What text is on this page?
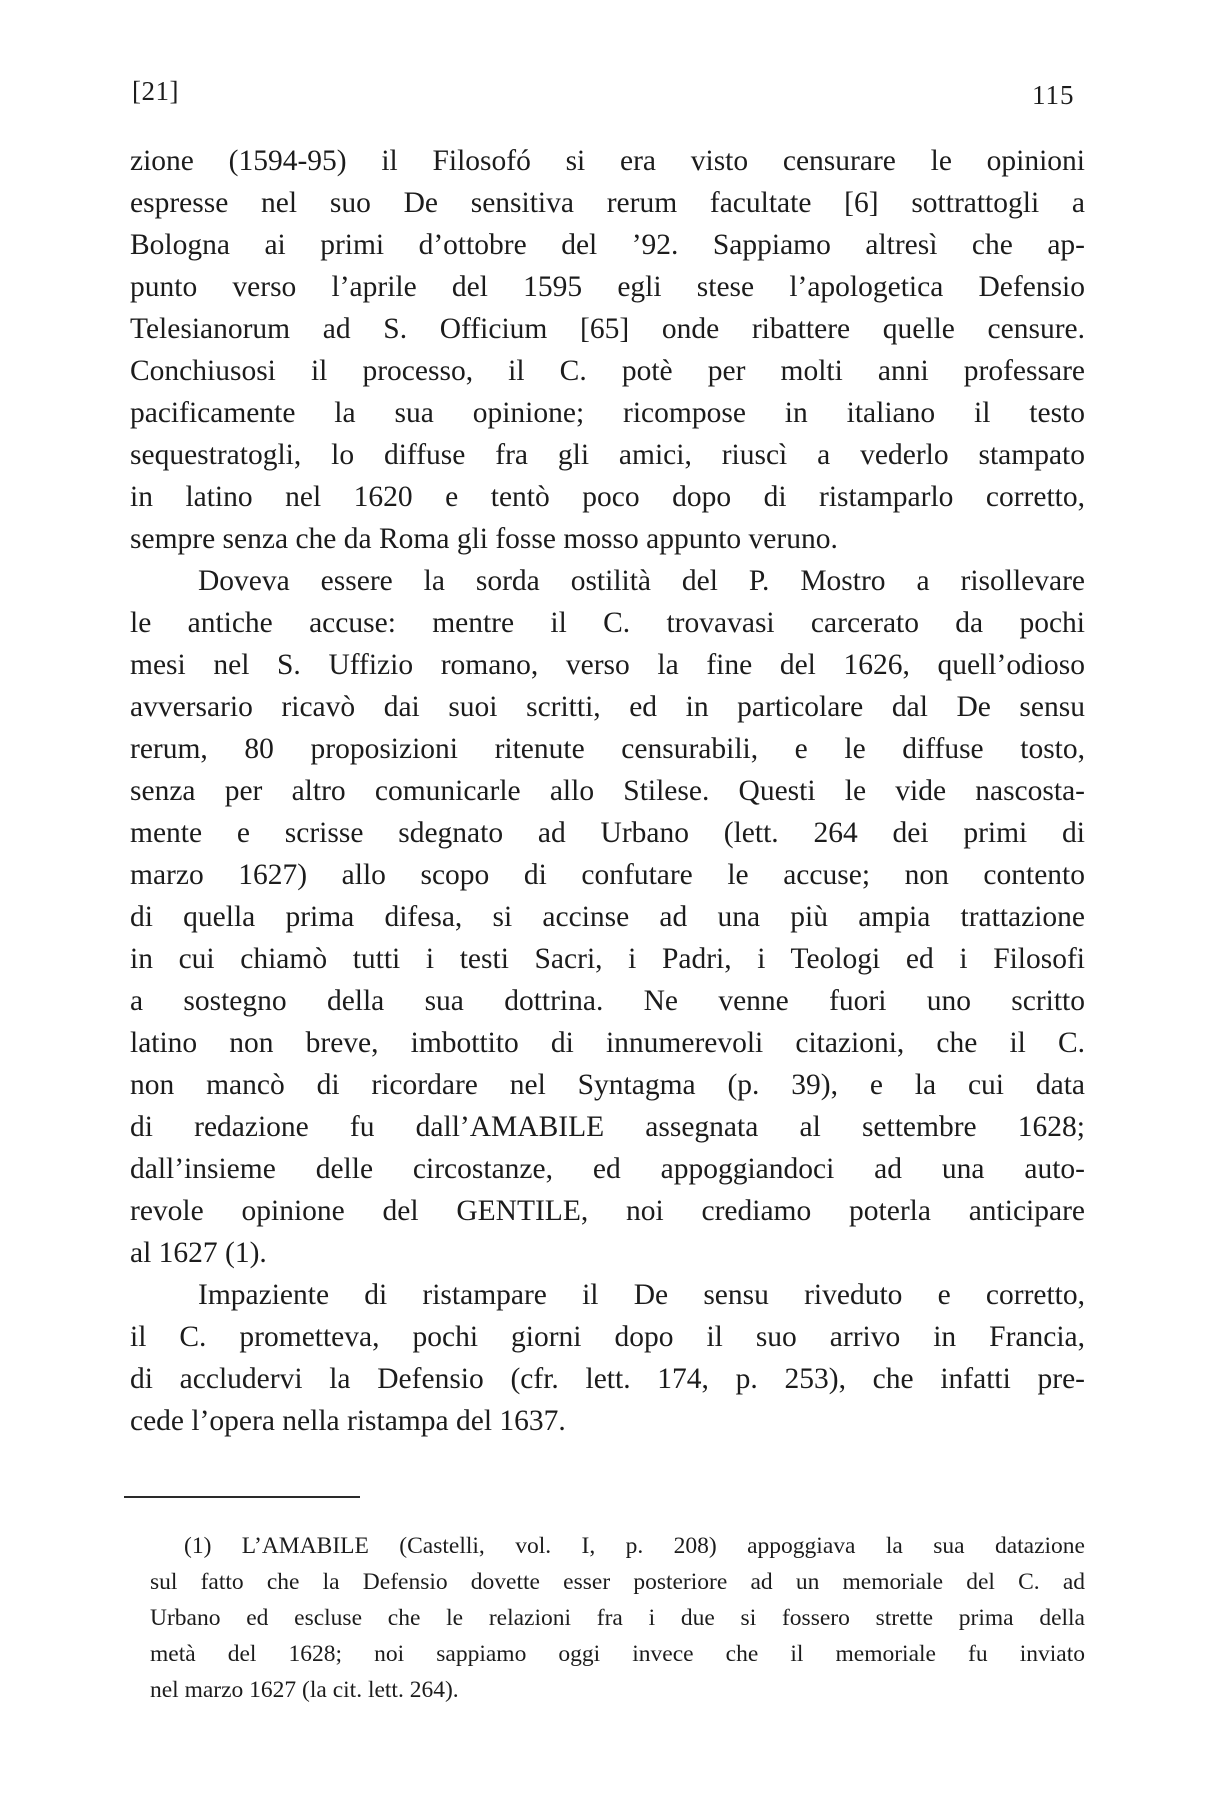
[21]	115
zione (1594-95) il Filosofó si era visto censurare le opinioni
espresse nel suo De sensitiva rerum facultate [6] sottrattogli a
Bologna ai primi d’ottobre del ’92. Sappiamo altresì che ap-
punto verso l’aprile del 1595 egli stese l’apologetica Defensio
Telesianorum ad S. Officium [65] onde ribattere quelle censure.
Conchiusosi il processo, il C. potè per molti anni professare
pacificamente la sua opinione; ricompose in italiano il testo
sequestratogli, lo diffuse fra gli amici, riuscì a vederlo stampato
in latino nel 1620 e tentò poco dopo di ristamparlo corretto,
sempre senza che da Roma gli fosse mosso appunto veruno.
Doveva essere la sorda ostilità del P. Mostro a risollevare
le antiche accuse: mentre il C. trovavasi carcerato da pochi
mesi nel S. Uffizio romano, verso la fine del 1626, quell’odioso
avversario ricavò dai suoi scritti, ed in particolare dal De sensu
rerum, 80 proposizioni ritenute censurabili, e le diffuse tosto,
senza per altro comunicarle allo Stilese. Questi le vide nascosta-
mente e scrisse sdegnato ad Urbano (lett. 264 dei primi di
marzo 1627) allo scopo di confutare le accuse; non contento
di quella prima difesa, si accinse ad una più ampia trattazione
in cui chiamò tutti i testi Sacri, i Padri, i Teologi ed i Filosofi
a sostegno della sua dottrina. Ne venne fuori uno scritto
latino non breve, imbottito di innumerevoli citazioni, che il C.
non mancò di ricordare nel Syntagma (p. 39), e la cui data
di redazione fu dall’AMABILE assegnata al settembre 1628;
dall’insieme delle circostanze, ed appoggiandoci ad una auto-
revole opinione del GENTILE, noi crediamo poterla anticipare
al 1627 (1).
Impaziente di ristampare il De sensu riveduto e corretto,
il C. prometteva, pochi giorni dopo il suo arrivo in Francia,
di accludervi la Defensio (cfr. lett. 174, p. 253), che infatti pre-
cede l’opera nella ristampa del 1637.
(1) L’AMABILE (Castelli, vol. I, p. 208) appoggiava la sua datazione
sul fatto che la Defensio dovette esser posteriore ad un memoriale del C. ad
Urbano ed escluse che le relazioni fra i due si fossero strette prima della
metà del 1628; noi sappiamo oggi invece che il memoriale fu inviato
nel marzo 1627 (la cit. lett. 264).
